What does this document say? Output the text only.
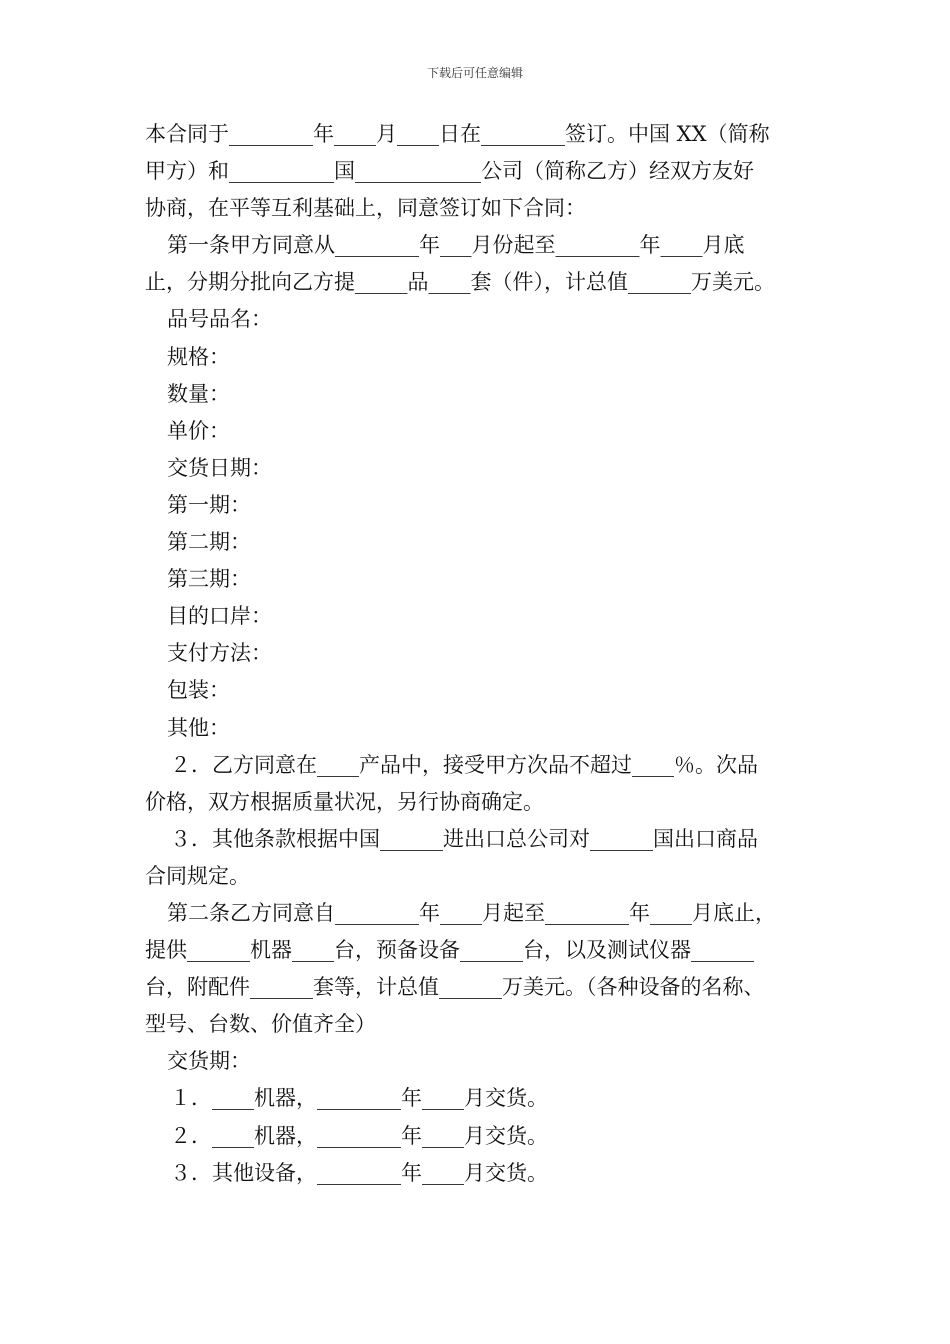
下载后可任意编辑
本合同于________年____月____日在________签订。中国 XX（简称
甲方）和__________国____________公司（简称乙方）经双方友好
协商，在平等互利基础上，同意签订如下合同：
第一条甲方同意从________年___月份起至________年____月底
止，分期分批向乙方提_____品____套（件），计总值______万美元。
品号品名：
规格：
数量：
单价：
交货日期：
第一期：
第二期：
第三期：
目的口岸：
支付方法：
包装：
其他：
２．乙方同意在____产品中，接受甲方次品不超过____％。次品
价格，双方根据质量状况，另行协商确定。
３．其他条款根据中国______进出口总公司对______国出口商品
合同规定。
第二条乙方同意自________年____月起至________年____月底止，
提供______机器____台，预备设备______台，以及测试仪器______
台，附配件______套等，计总值______万美元。（各种设备的名称、
型号、台数、价值齐全）
交货期：
１．____机器，________年____月交货。
２．____机器，________年____月交货。
３．其他设备，________年____月交货。
